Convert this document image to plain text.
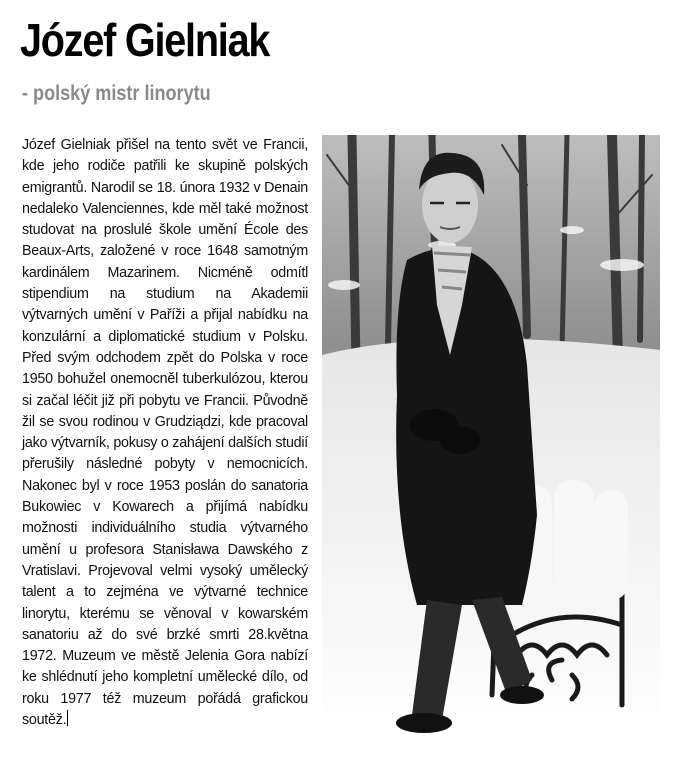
Józef Gielniak
- polský mistr linorytu
Józef Gielniak přišel na tento svět ve Francii, kde jeho rodiče patřili ke skupině polských emigrantů. Narodil se 18. února 1932 v Denain nedaleko Valenciennes, kde měl také možnost studovat na proslulé škole umění École des Beaux-Arts, založené v roce 1648 samotným kardinálem Mazarinem. Nicméně odmítl stipendium na studium na Akademii výtvarných umění v Paříži a přijal nabídku na konzulární a diplomatické studium v Polsku. Před svým odchodem zpět do Polska v roce 1950 bohužel onemocněl tuberkulózou, kterou si začal léčit již při pobytu ve Francii. Původně žil se svou rodinou v Grudziądzi, kde pracoval jako výtvarník, pokusy o zahájení dalších studií přerušily následné pobyty v nemocnicích. Nakonec byl v roce 1953 poslán do sanatoria Bukowiec v Kowarech a přijímá nabídku možnosti individuálního studia výtvarného umění u profesora Stanisława Dawského z Vratislavi. Projevoval velmi vysoký umělecký talent a to zejména ve výtvarné technice linorytu, kterému se věnoval v kowarském sanatoriu až do své brzké smrti 28.května 1972. Muzeum ve městě Jelenia Gora nabízí ke shlédnutí jeho kompletní umělecké dílo, od roku 1977 též muzeum pořádá grafickou soutěž.
